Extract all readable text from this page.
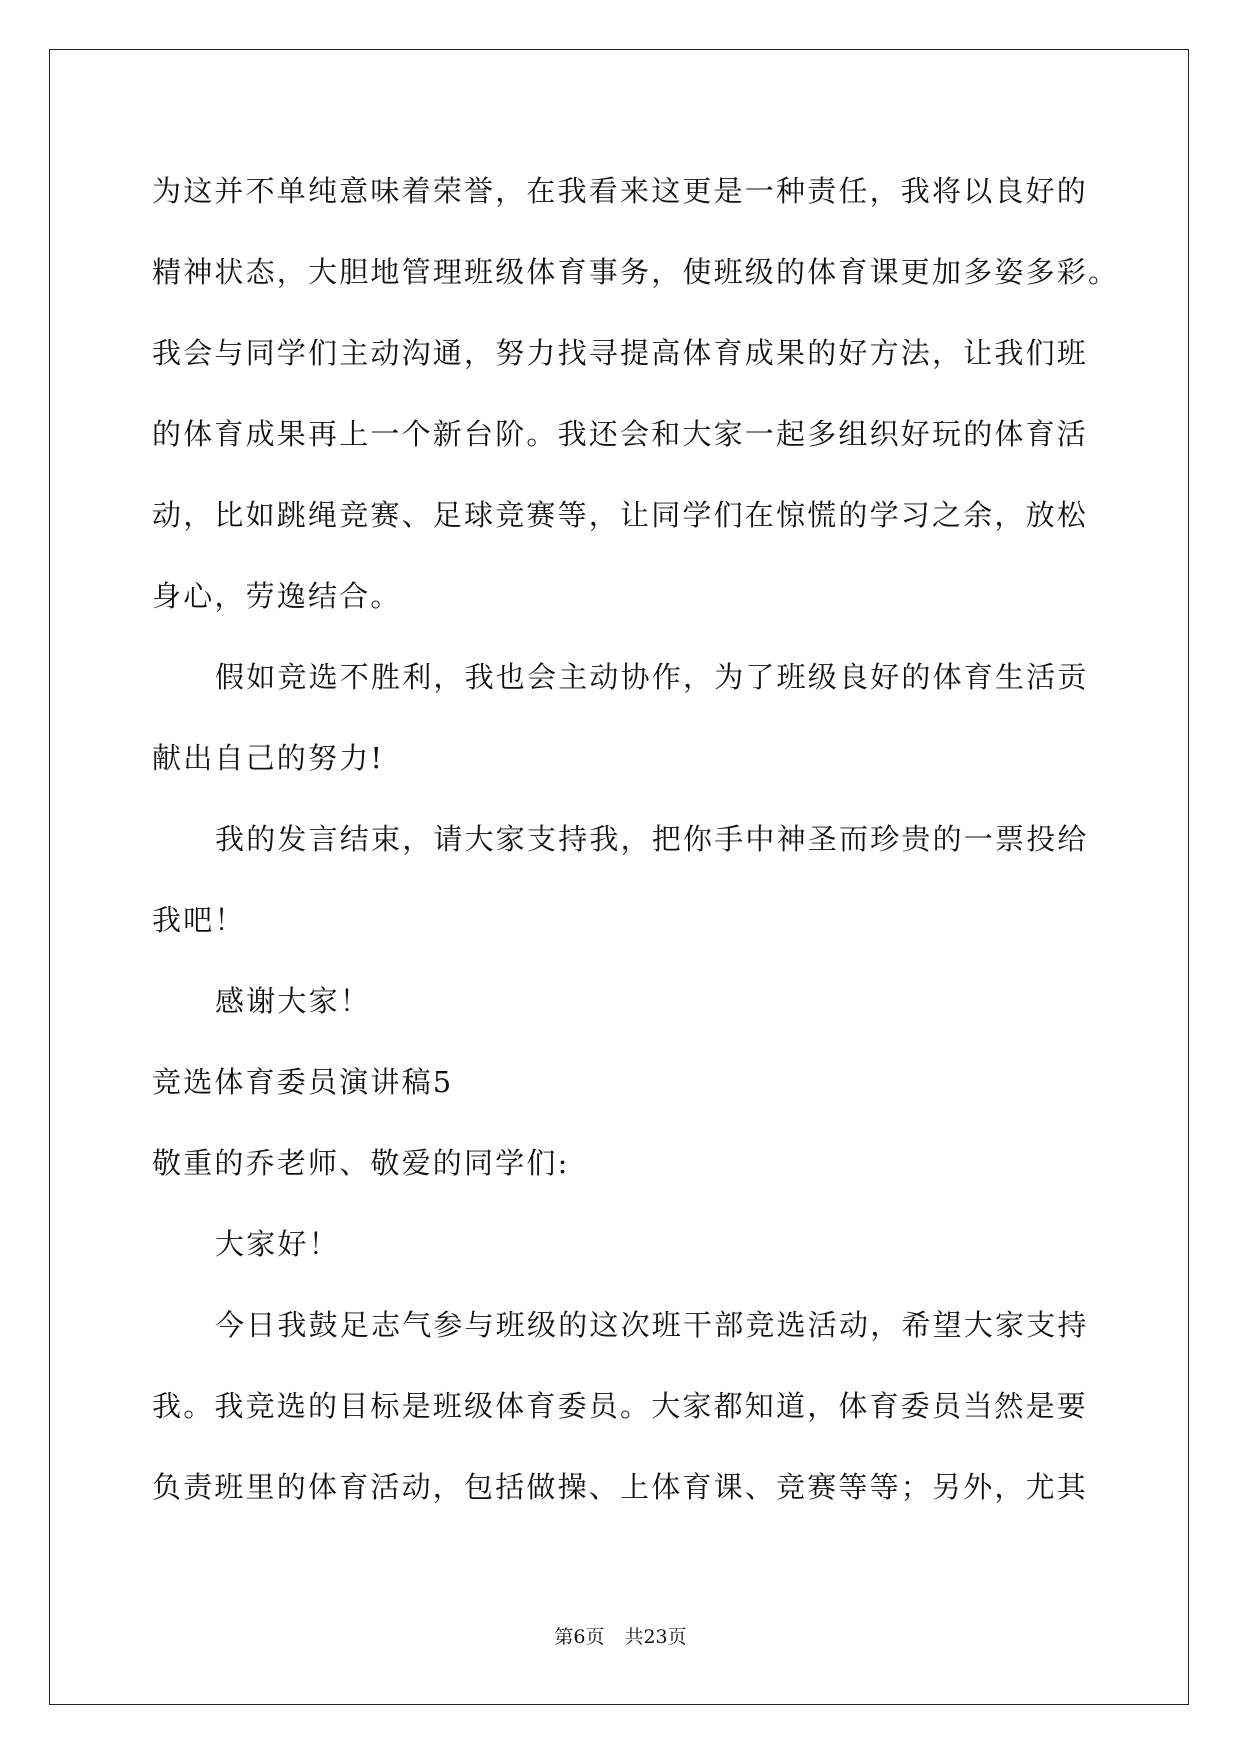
为这并不单纯意味着荣誉，在我看来这更是一种责任，我将以良好的
精神状态，大胆地管理班级体育事务，使班级的体育课更加多姿多彩。
我会与同学们主动沟通，努力找寻提高体育成果的好方法，让我们班
的体育成果再上一个新台阶。我还会和大家一起多组织好玩的体育活
动，比如跳绳竞赛、足球竞赛等，让同学们在惊慌的学习之余，放松
身心，劳逸结合。
假如竞选不胜利，我也会主动协作，为了班级良好的体育生活贡
献出自己的努力!
我的发言结束，请大家支持我，把你手中神圣而珍贵的一票投给
我吧！
感谢大家！
竞选体育委员演讲稿5
敬重的乔老师、敬爱的同学们:
大家好！
今日我鼓足志气参与班级的这次班干部竞选活动，希望大家支持
我。我竞选的目标是班级体育委员。大家都知道，体育委员当然是要
负责班里的体育活动，包括做操、上体育课、竞赛等等；另外，尤其
第6页 共23页
